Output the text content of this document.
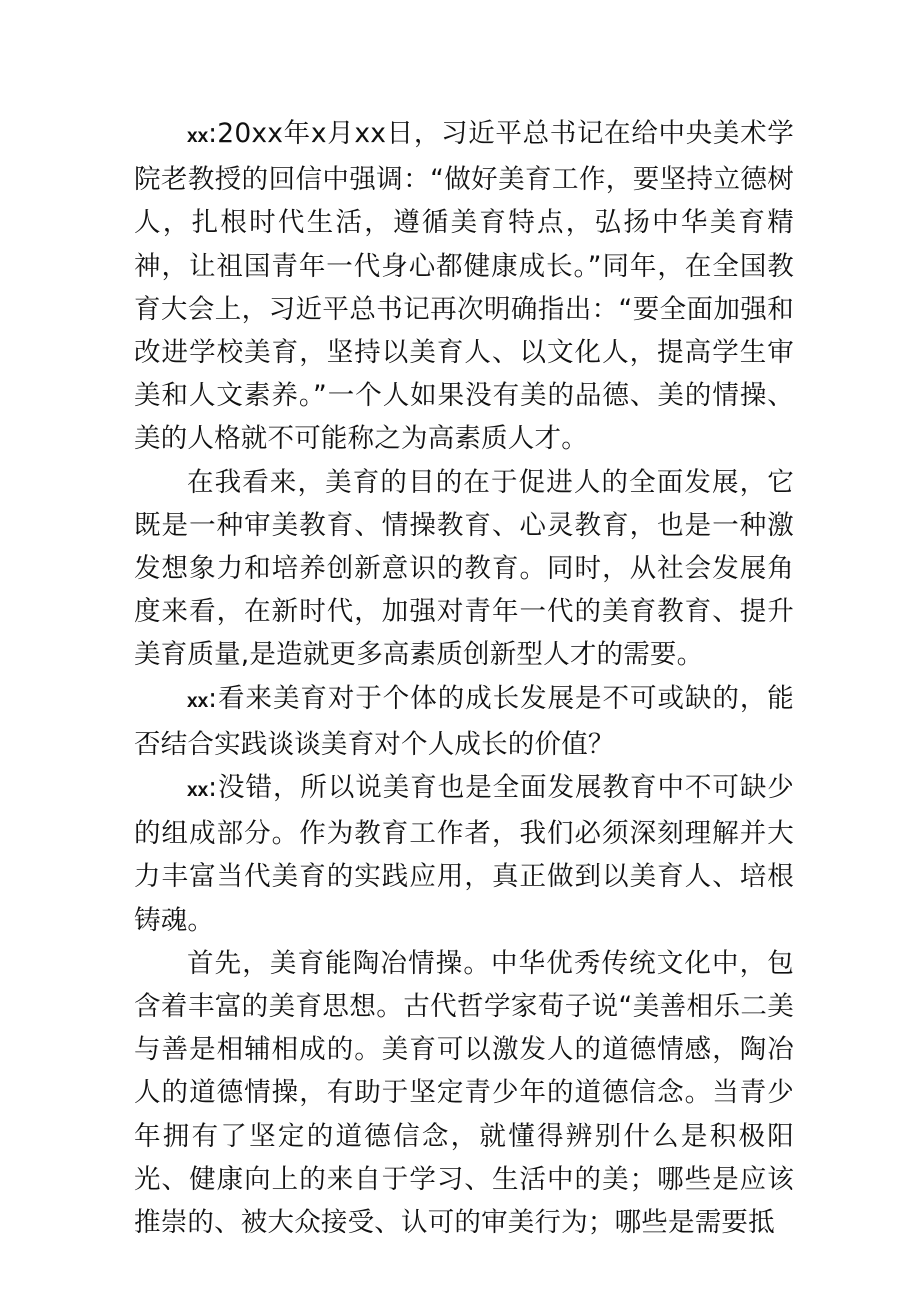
xx:20xx年x月xx日，习近平总书记在给中央美术学院老教授的回信中强调：“做好美育工作，要坚持立德树人，扎根时代生活，遵循美育特点，弘扬中华美育精神，让祖国青年一代身心都健康成长。”同年，在全国教育大会上，习近平总书记再次明确指出：“要全面加强和改进学校美育，坚持以美育人、以文化人，提高学生审美和人文素养。”一个人如果没有美的品德、美的情操、美的人格就不可能称之为高素质人才。

在我看来，美育的目的在于促进人的全面发展，它既是一种审美教育、情操教育、心灵教育，也是一种激发想象力和培养创新意识的教育。同时，从社会发展角度来看，在新时代，加强对青年一代的美育教育、提升美育质量,是造就更多高素质创新型人才的需要。

xx:看来美育对于个体的成长发展是不可或缺的，能否结合实践谈谈美育对个人成长的价值？

xx:没错，所以说美育也是全面发展教育中不可缺少的组成部分。作为教育工作者，我们必须深刻理解并大力丰富当代美育的实践应用，真正做到以美育人、培根铸魂。

首先，美育能陶冶情操。中华优秀传统文化中，包含着丰富的美育思想。古代哲学家荀子说“美善相乐二美与善是相辅相成的。美育可以激发人的道德情感，陶冶人的道德情操，有助于坚定青少年的道德信念。当青少年拥有了坚定的道德信念，就懂得辨别什么是积极阳光、健康向上的来自于学习、生活中的美；哪些是应该推崇的、被大众接受、认可的审美行为；哪些是需要抵
